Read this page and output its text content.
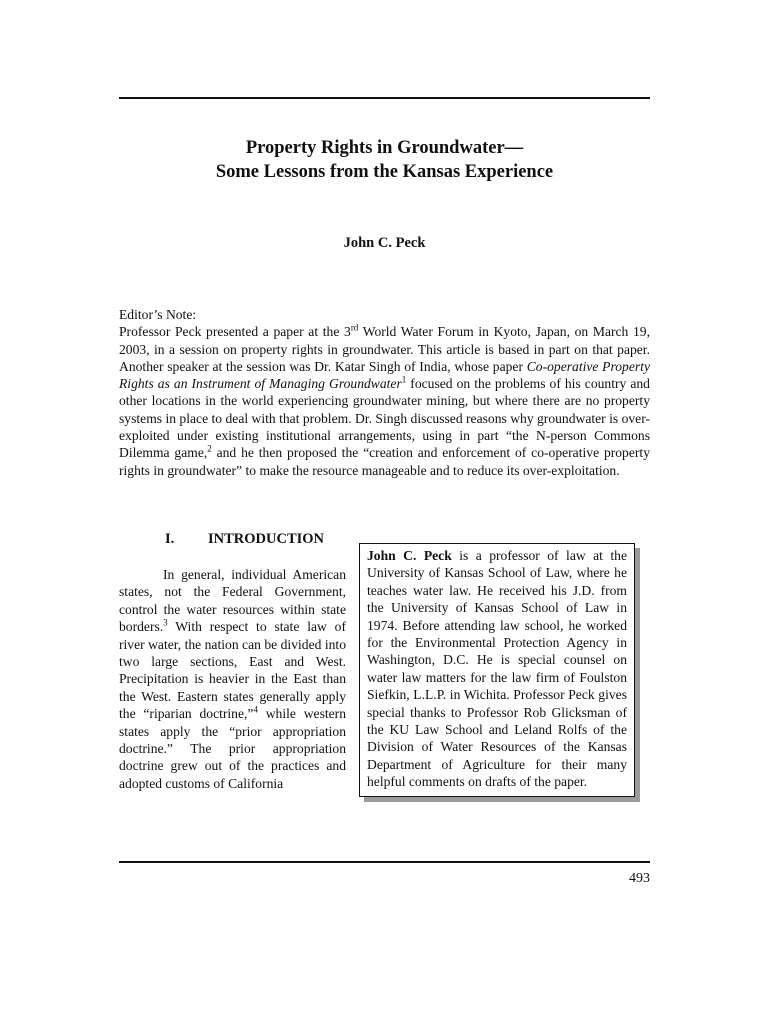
Property Rights in Groundwater—
Some Lessons from the Kansas Experience

John C. Peck

Editor’s Note:

Professor Peck presented a paper at the 3rd World Water Forum in Kyoto, Japan, on March 19, 2003, in a session on property rights in groundwater. This article is based in part on that paper. Another speaker at the session was Dr. Katar Singh of India, whose paper Co-operative Property Rights as an Instrument of Managing Groundwater$^1$ focused on the problems of his country and other locations in the world experiencing groundwater mining, but where there are no property systems in place to deal with that problem. Dr. Singh discussed reasons why groundwater is over-exploited under existing institutional arrangements, using in part “the N-person Commons Dilemma game,$^2$ and he then proposed the “creation and enforcement of co-operative property rights in groundwater” to make the resource manageable and to reduce its over-exploitation.

I. INTRODUCTION

In general, individual American states, not the Federal Government, control the water resources within state borders.$^3$ With respect to state law of river water, the nation can be divided into two large sections, East and West. Precipitation is heavier in the East than the West. Eastern states generally apply the “riparian doctrine,”$^4$ while western states apply the “prior appropriation doctrine.” The prior appropriation doctrine grew out of the practices and adopted customs of California

John C. Peck is a professor of law at the University of Kansas School of Law, where he teaches water law. He received his J.D. from the University of Kansas School of Law in 1974. Before attending law school, he worked for the Environmental Protection Agency in Washington, D.C. He is special counsel on water law matters for the law firm of Foulston Siefkin, L.L.P. in Wichita. Professor Peck gives special thanks to Professor Rob Glicksman of the KU Law School and Leland Rolfs of the Division of Water Resources of the Kansas Department of Agriculture for their many helpful comments on drafts of the paper.
493
